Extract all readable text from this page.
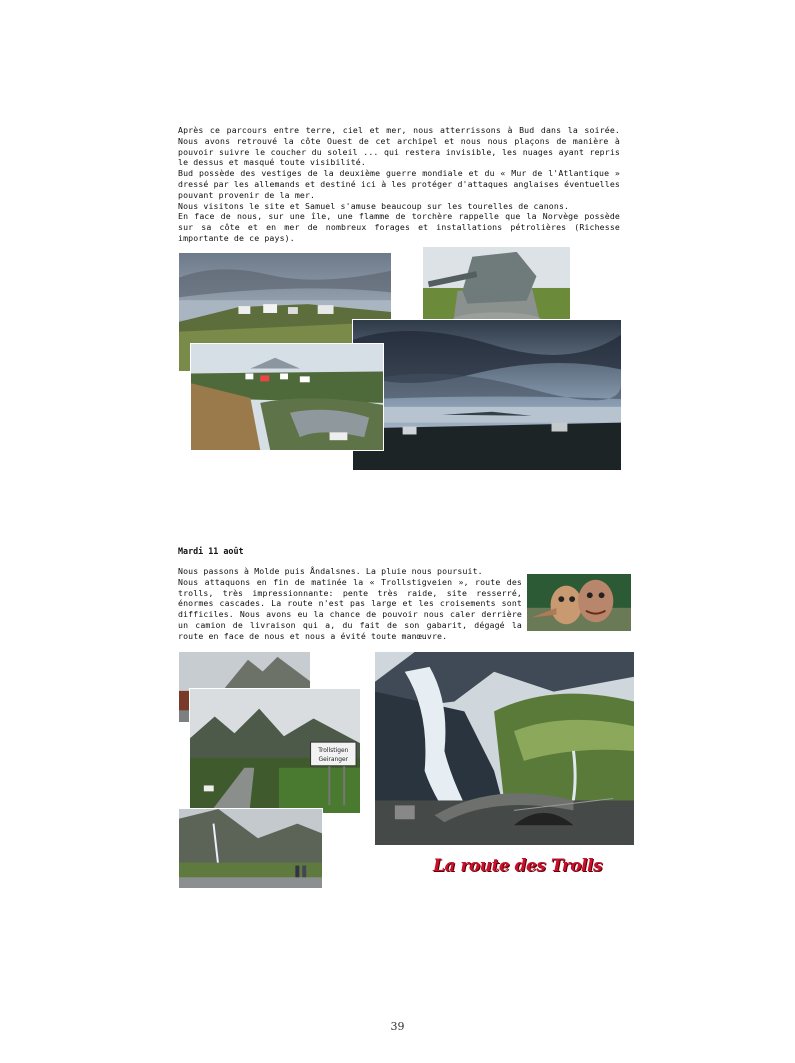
Après ce parcours entre terre, ciel et mer, nous atterrissons à Bud dans la soirée. Nous avons retrouvé la côte Ouest de cet archipel et nous nous plaçons de manière à pouvoir suivre le coucher du soleil ... qui restera invisible, les nuages ayant repris le dessus et masqué toute visibilité.

Bud possède des vestiges de la deuxième guerre mondiale et du « Mur de l'Atlantique » dressé par les allemands et destiné ici à les protéger d'attaques anglaises éventuelles pouvant provenir de la mer.

Nous visitons le site et Samuel s'amuse beaucoup sur les tourelles de canons.

En face de nous, sur une île, une flamme de torchère rappelle que la Norvège possède sur sa côte et en mer de nombreux forages et installations pétrolières (Richesse importante de ce pays).

Mardi 11 août

Nous passons à Molde puis Åndalsnes. La pluie nous poursuit.

Nous attaquons en fin de matinée la « Trollstigveien », route des trolls, très impressionnante: pente très raide, site resserré, énormes cascades. La route n'est pas large et les croisements sont difficiles. Nous avons eu la chance de pouvoir nous caler derrière un camion de livraison qui a, du fait de son gabarit, dégagé la route en face de nous et nous a évité toute manœuvre.

Trollstigen
Geiranger

La route des Trolls

39
